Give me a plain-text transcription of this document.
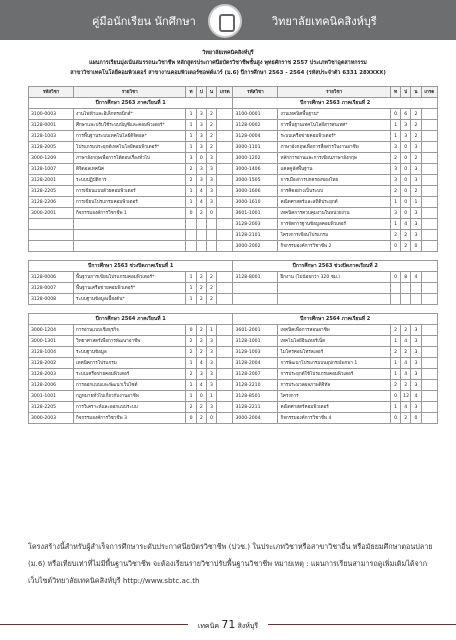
คู่มือนักเรียน นักศึกษา	วิทยาลัยเทคนิคสิงห์บุรี
วิทยาลัยเทคนิคสิงห์บุรี
แผนการเรียนมุ่งเน้นสมรรถนะวิชาชีพ หลักสูตรประกาศนียบัตรวิชาชีพชั้นสูง พุทธศักราช 2557 ประเภทวิชาอุตสาหกรรม
สาขาวิชาเทคโนโลยีคอมพิวเตอร์ สาขางานคอมพิวเตอร์ซอฟต์แวร์ (ม.6) ปีการศึกษา 2563 - 2564 (รหัสประจำตัว 6331 28XXXX)
รหัสวิชา	รายวิชา	ท	ป	น	เกรด	รหัสวิชา	รายวิชา	ท	ป	น	เกรด
ปีการศึกษา 2563 ภาคเรียนที่ 1						ปีการศึกษา 2563 ภาคเรียนที่ 2					
3100-0003	งานไฟฟ้าและอิเล็กทรอนิกส์*	1	3	2		3100-0001	งานเทคนิคพื้นฐาน*	0	6	2	
3128-0001	ศึกษาและปรับใช้ระบบบัญชีและคอมพิวเตอร์*	1	3	2		3128-0002	การพื้นฐานเทคโนโลยีสารสนเทศ*	1	3	2	
3128-1003	การพื้นฐานระบบเทคโนโลยีดิจิตอล*	1	3	2		3128-0004	ระบบเครือข่ายคอมพิวเตอร์*	1	3	2	
3128-2005	โปรแกรมประยุกต์เทคโนโลยีคอมพิวเตอร์*	1	3	2		3000-1101	ภาษาอังกฤษเพื่อการสื่อสารในงานอาชีพ	3	0	3	
3000-1209	ภาษาอังกฤษเพื่อการโต้ตอบเรื่องทั่วไป	3	0	3		3000-1202	หลักการอ่านและการเขียนภาษาอังกฤษ	2	0	2	
3128-1007	ดิจิตอลเทคนิค	2	3	3		3000-1406	แคลคูลัสพื้นฐาน	3	0	3	
3128-2001	ระบบปฏิบัติการ	2	3	3		3000-1505	การเมืองการปกครองของไทย	3	0	3	
3128-2205	การเขียนแบบด้วยคอมพิวเตอร์	1	4	3		3000-1606	การคิดอย่างเป็นระบบ	2	0	2	
3128-2206	การเขียนโปรแกรมคอมพิวเตอร์	1	4	3		3000-1610	คณิตศาสตร์และสถิติประยุกต์	1	0	1	
3000-2001	กิจกรรมองค์การวิชาชีพ 1	0	2	0		3601-1001	เทคนิคการควบคุมงานในหน่วยงาน	3	0	3	
						3128-2003	การจัดการฐานข้อมูลคอมพิวเตอร์	1	4	3	
						3128-2101	โครงการเขียนโปรแกรม	2	2	3	
						3000-2002	กิจกรรมองค์การวิชาชีพ 2	0	2	0	

ปีการศึกษา 2563 ช่วงปิดภาคเรียนที่ 1						ปีการศึกษา 2563 ช่วงปิดภาคเรียนที่ 2					
3128-0006	พื้นฐานการเขียนโปรแกรมคอมพิวเตอร์*	1	2	2		3128-8001	ฝึกงาน (ไม่น้อยกว่า 320 ชม.)	0	8	4	
3128-0007	พื้นฐานเครือข่ายคอมพิวเตอร์*	1	2	2							
3128-0008	ระบบฐานข้อมูลเบื้องต้น*	1	2	2							

ปีการศึกษา 2564 ภาคเรียนที่ 1						ปีการศึกษา 2564 ภาคเรียนที่ 2					
3000-1204	การอ่านแบบเชิงธุรกิจ	0	2	1		3601-2001	เทคนิคเพื่อการสอนอาชีพ	2	2	3	
3000-1301	วิทยาศาสตร์เพื่อการพัฒนาอาชีพ	2	2	3		3128-1001	เทคโนโลยีอินเทอร์เน็ต	1	4	3	
3128-1004	ระบบฐานข้อมูล	2	2	3		3128-1003	ไมโครคอนโทรลเลอร์	2	2	3	
3128-2002	เทคนิคการโปรแกรม	1	4	3		3128-2004	การพัฒนาโปรแกรมบนอุปกรณ์พกพา 1	1	4	3	
3128-2003	ระบบเครือข่ายคอมพิวเตอร์	2	3	3		3128-2007	การประยุกต์ใช้โปรแกรมคอมพิวเตอร์	1	4	3	
3128-2006	การออกแบบและพัฒนาเว็บไซต์	1	4	3		3128-2210	การประมวลผลภาพดิจิทัล	2	2	3	
3001-1001	กฎหมายทั่วไปเกี่ยวกับงานอาชีพ	1	0	1		3128-8501	โครงการ	0	12	4	
3128-2205	การวิเคราะห์และออกแบบระบบ	2	2	3		3128-2211	คณิตศาสตร์คอมพิวเตอร์	1	4	3	
3000-2003	กิจกรรมองค์การวิชาชีพ 3	0	2	0		3000-2004	กิจกรรมองค์การวิชาชีพ 4	0	2	0	
โครงสร้างนี้สำหรับผู้สำเร็จการศึกษาระดับประกาศนียบัตรวิชาชีพ (ปวช.) ในประเภทวิชาหรือสาขาวิชาอื่น หรือมัธยมศึกษาตอนปลาย (ม.6) หรือเทียบเท่าที่ไม่มีพื้นฐานวิชาชีพ จะต้องเรียนรายวิชาปรับพื้นฐานวิชาชีพ หมายเหตุ : แผนการเรียนสามารถดูเพิ่มเติมได้จากเว็บไซต์วิทยาลัยเทคนิคสิงห์บุรี http://www.sbtc.ac.th
เทคนิค 71 สิงห์บุรี
